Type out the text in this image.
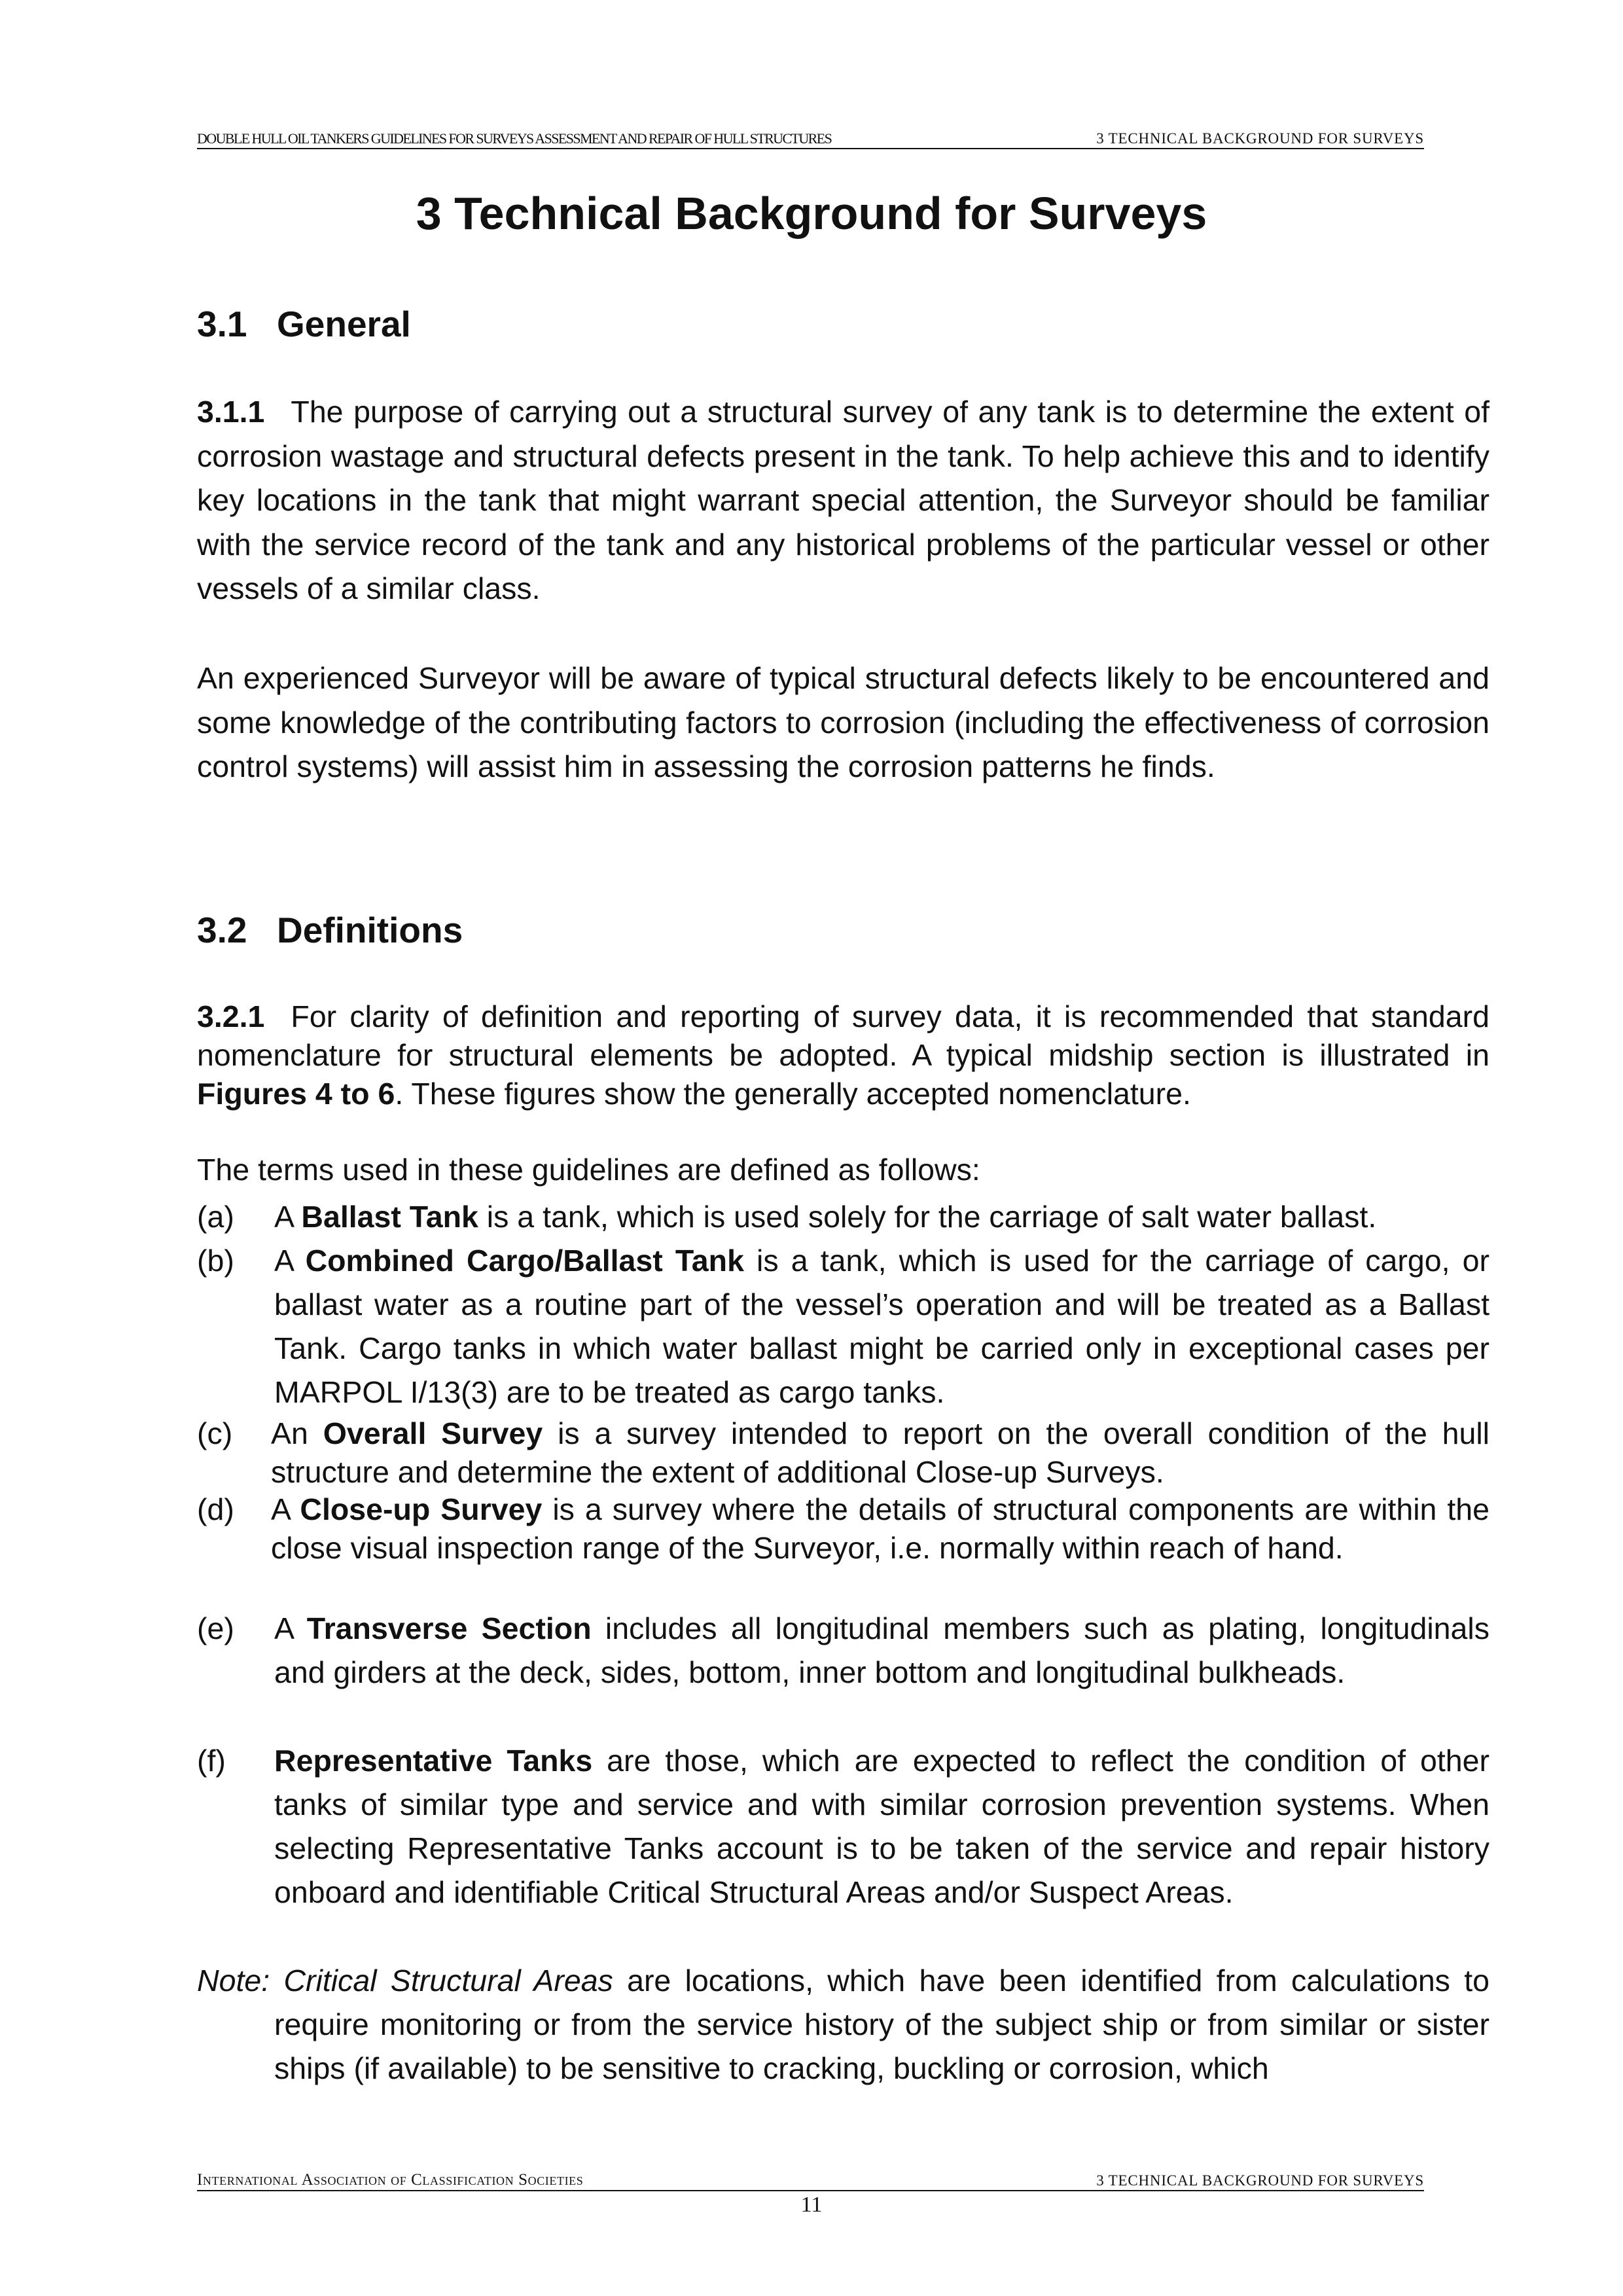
DOUBLE HULL OIL TANKERS GUIDELINES FOR SURVEYS ASSESSMENT AND REPAIR OF HULL STRUCTURES	3 TECHNICAL BACKGROUND FOR SURVEYS
3 Technical Background for Surveys
3.1 General
3.1.1 The purpose of carrying out a structural survey of any tank is to determine the extent of corrosion wastage and structural defects present in the tank. To help achieve this and to identify key locations in the tank that might warrant special attention, the Surveyor should be familiar with the service record of the tank and any historical problems of the particular vessel or other vessels of a similar class.
An experienced Surveyor will be aware of typical structural defects likely to be encountered and some knowledge of the contributing factors to corrosion (including the effectiveness of corrosion control systems) will assist him in assessing the corrosion patterns he finds.
3.2 Definitions
3.2.1 For clarity of definition and reporting of survey data, it is recommended that standard nomenclature for structural elements be adopted. A typical midship section is illustrated in Figures 4 to 6. These figures show the generally accepted nomenclature.
The terms used in these guidelines are defined as follows:
(a) A Ballast Tank is a tank, which is used solely for the carriage of salt water ballast.
(b) A Combined Cargo/Ballast Tank is a tank, which is used for the carriage of cargo, or ballast water as a routine part of the vessel’s operation and will be treated as a Ballast Tank. Cargo tanks in which water ballast might be carried only in exceptional cases per MARPOL I/13(3) are to be treated as cargo tanks.
(c) An Overall Survey is a survey intended to report on the overall condition of the hull structure and determine the extent of additional Close-up Surveys.
(d) A Close-up Survey is a survey where the details of structural components are within the close visual inspection range of the Surveyor, i.e. normally within reach of hand.
(e) A Transverse Section includes all longitudinal members such as plating, longitudinals and girders at the deck, sides, bottom, inner bottom and longitudinal bulkheads.
(f) Representative Tanks are those, which are expected to reflect the condition of other tanks of similar type and service and with similar corrosion prevention systems. When selecting Representative Tanks account is to be taken of the service and repair history onboard and identifiable Critical Structural Areas and/or Suspect Areas.
Note: Critical Structural Areas are locations, which have been identified from calculations to require monitoring or from the service history of the subject ship or from similar or sister ships (if available) to be sensitive to cracking, buckling or corrosion, which
International Association of Classification Societies	3 TECHNICAL BACKGROUND FOR SURVEYS
11
